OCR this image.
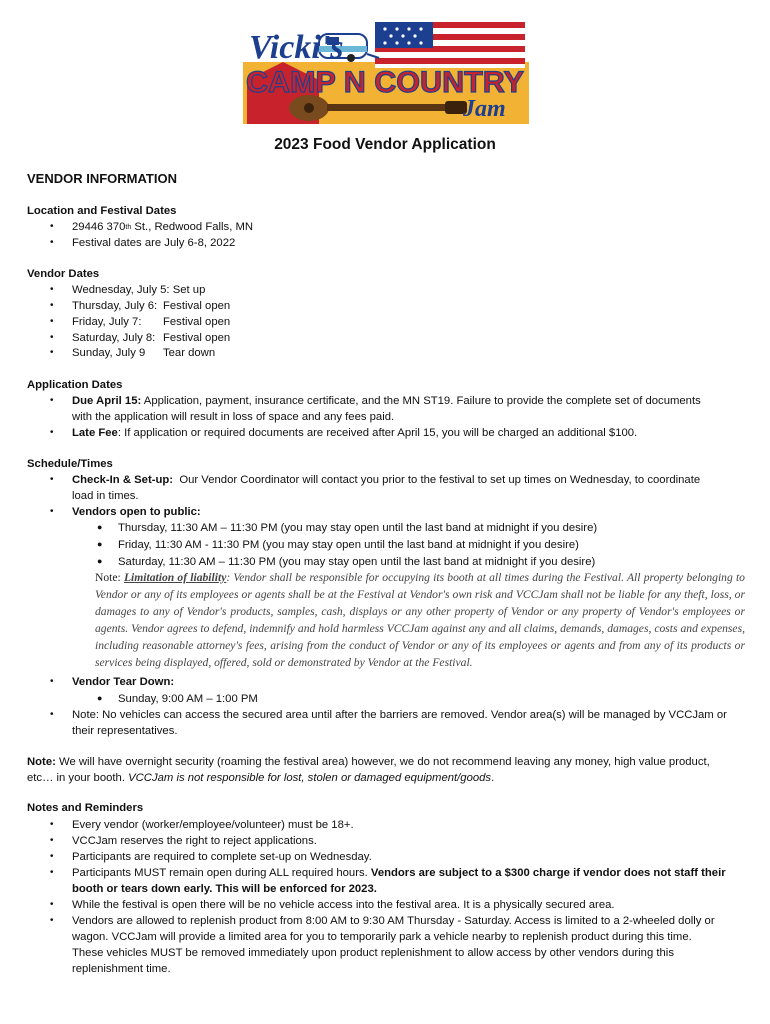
Vicki's
CAMP N COUNTRY
Jam
2023 Food Vendor Application
VENDOR INFORMATION
Location and Festival Dates
• 29446 370th St., Redwood Falls, MN
• Festival dates are July 6-8, 2022
Vendor Dates
• Wednesday, July 5: Set up
• Thursday, July 6: Festival open
• Friday, July 7: Festival open
• Saturday, July 8: Festival open
• Sunday, July 9 Tear down
Application Dates
• Due April 15: Application, payment, insurance certificate, and the MN ST19. Failure to provide the complete set of documents
with the application will result in loss of space and any fees paid.
• Late Fee: If application or required documents are received after April 15, you will be charged an additional $100.
Schedule/Times
• Check-In & Set-up:  Our Vendor Coordinator will contact you prior to the festival to set up times on Wednesday, to coordinate
load in times.
• Vendors open to public:
● Thursday, 11:30 AM – 11:30 PM (you may stay open until the last band at midnight if you desire)
● Friday, 11:30 AM - 11:30 PM (you may stay open until the last band at midnight if you desire)
● Saturday, 11:30 AM – 11:30 PM (you may stay open until the last band at midnight if you desire)
Note: Limitation of liability: Vendor shall be responsible for occupying its booth at all times during the Festival. All property belonging to Vendor or any of its employees or agents shall be at the Festival at Vendor's own risk and VCCJam shall not be liable for any theft, loss, or damages to any of Vendor's products, samples, cash, displays or any other property of Vendor or any property of Vendor's employees or agents. Vendor agrees to defend, indemnify and hold harmless VCCJam against any and all claims, demands, damages, costs and expenses, including reasonable attorney's fees, arising from the conduct of Vendor or any of its employees or agents and from any of its products or services being displayed, offered, sold or demonstrated by Vendor at the Festival.
• Vendor Tear Down:
● Sunday, 9:00 AM – 1:00 PM
• Note: No vehicles can access the secured area until after the barriers are removed. Vendor area(s) will be managed by VCCJam or
their representatives.
Note: We will have overnight security (roaming the festival area) however, we do not recommend leaving any money, high value product,
etc… in your booth. VCCJam is not responsible for lost, stolen or damaged equipment/goods.
Notes and Reminders
• Every vendor (worker/employee/volunteer) must be 18+.
• VCCJam reserves the right to reject applications.
• Participants are required to complete set-up on Wednesday.
• Participants MUST remain open during ALL required hours. Vendors are subject to a $300 charge if vendor does not staff their
booth or tears down early. This will be enforced for 2023.
• While the festival is open there will be no vehicle access into the festival area. It is a physically secured area.
• Vendors are allowed to replenish product from 8:00 AM to 9:30 AM Thursday - Saturday. Access is limited to a 2-wheeled dolly or
wagon. VCCJam will provide a limited area for you to temporarily park a vehicle nearby to replenish product during this time.
These vehicles MUST be removed immediately upon product replenishment to allow access by other vendors during this
replenishment time.
